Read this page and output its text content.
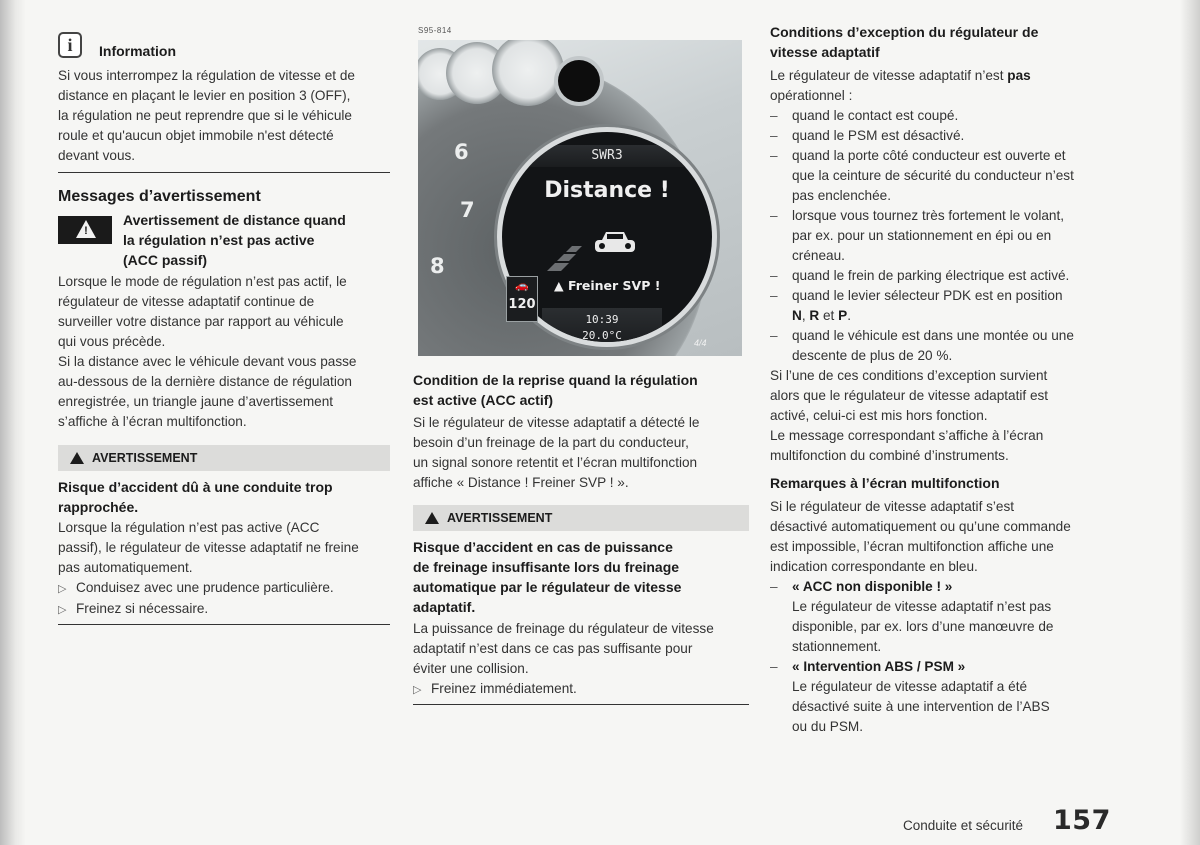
i	Information

Si vous interrompez la régulation de vitesse et de

distance en plaçant le levier en position 3 (OFF),

la régulation ne peut reprendre que si le véhicule

roule et qu'aucun objet immobile n'est détecté

devant vous.

Messages d’avertissement
!

Avertissement de distance quand

la régulation n’est pas active

(ACC passif)

Lorsque le mode de régulation n’est pas actif, le

régulateur de vitesse adaptatif continue de

surveiller votre distance par rapport au véhicule

qui vous précède.

Si la distance avec le véhicule devant vous passe

au-dessous de la dernière distance de régulation

enregistrée, un triangle jaune d’avertissement

s’affiche à l’écran multifonction.

AVERTISSEMENT

Risque d’accident dû à une conduite trop

rapprochée.

Lorsque la régulation n’est pas active (ACC

passif), le régulateur de vitesse adaptatif ne freine

pas automatiquement.

▷ Conduisez avec une prudence particulière.

▷ Freinez si nécessaire.

S95-814
6
7
8
SWR3
Distance !
▲ Freiner SVP !
10:39
20.0°C
🚗
120
4/4

Condition de la reprise quand la régulation

est active (ACC actif)

Si le régulateur de vitesse adaptatif a détecté le

besoin d’un freinage de la part du conducteur,

un signal sonore retentit et l’écran multifonction

affiche « Distance ! Freiner SVP ! ».

AVERTISSEMENT

Risque d’accident en cas de puissance

de freinage insuffisante lors du freinage

automatique par le régulateur de vitesse

adaptatif.

La puissance de freinage du régulateur de vitesse

adaptatif n’est dans ce cas pas suffisante pour

éviter une collision.

▷ Freinez immédiatement.

Conditions d’exception du régulateur de

vitesse adaptatif

Le régulateur de vitesse adaptatif n’est pas

opérationnel :

– quand le contact est coupé.

– quand le PSM est désactivé.

– quand la porte côté conducteur est ouverte et

que la ceinture de sécurité du conducteur n’est

pas enclenchée.

– lorsque vous tournez très fortement le volant,

par ex. pour un stationnement en épi ou en

créneau.

– quand le frein de parking électrique est activé.

– quand le levier sélecteur PDK est en position

N, R et P.

– quand le véhicule est dans une montée ou une

descente de plus de 20 %.

Si l’une de ces conditions d’exception survient

alors que le régulateur de vitesse adaptatif est

activé, celui-ci est mis hors fonction.

Le message correspondant s’affiche à l’écran

multifonction du combiné d’instruments.

Remarques à l’écran multifonction

Si le régulateur de vitesse adaptatif s’est

désactivé automatiquement ou qu’une commande

est impossible, l’écran multifonction affiche une

indication correspondante en bleu.

– « ACC non disponible ! »

Le régulateur de vitesse adaptatif n’est pas

disponible, par ex. lors d’une manœuvre de

stationnement.

– « Intervention ABS / PSM »

Le régulateur de vitesse adaptatif a été

désactivé suite à une intervention de l’ABS

ou du PSM.

Conduite et sécurité 157
